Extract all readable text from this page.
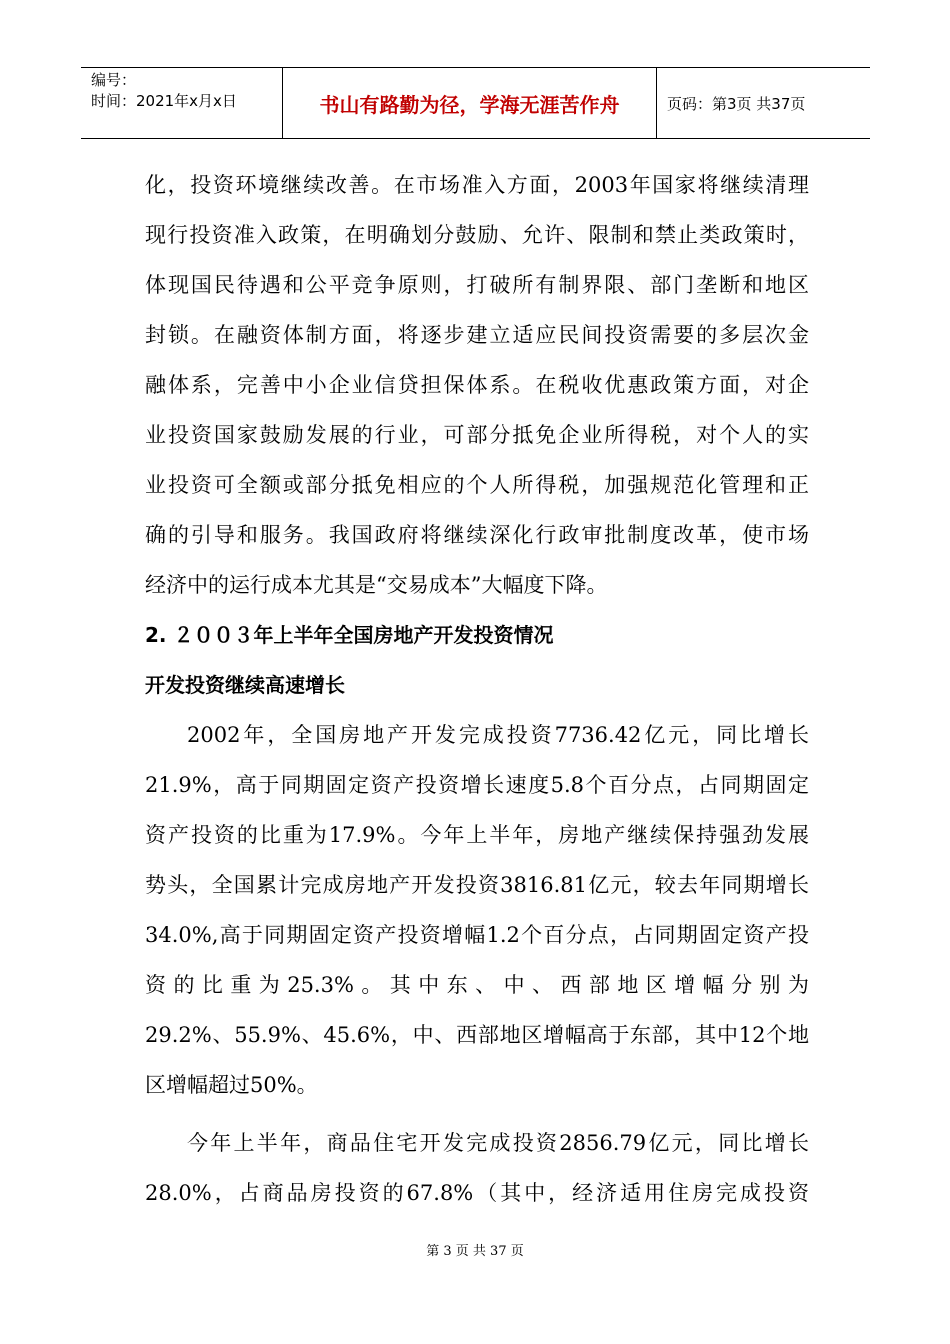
编号：
时间：2021年x月x日	书山有路勤为径，学海无涯苦作舟	页码：第3页 共37页
化，投资环境继续改善。在市场准入方面，2003年国家将继续清理
现行投资准入政策，在明确划分鼓励、允许、限制和禁止类政策时，
体现国民待遇和公平竞争原则，打破所有制界限、部门垄断和地区
封锁。在融资体制方面，将逐步建立适应民间投资需要的多层次金
融体系，完善中小企业信贷担保体系。在税收优惠政策方面，对企
业投资国家鼓励发展的行业，可部分抵免企业所得税，对个人的实
业投资可全额或部分抵免相应的个人所得税，加强规范化管理和正
确的引导和服务。我国政府将继续深化行政审批制度改革，使市场
经济中的运行成本尤其是“交易成本”大幅度下降。
2. ２００３年上半年全国房地产开发投资情况
开发投资继续高速增长
2002年，全国房地产开发完成投资7736.42亿元，同比增长
21.9%，高于同期固定资产投资增长速度5.8个百分点，占同期固定
资产投资的比重为17.9%。今年上半年，房地产继续保持强劲发展
势头，全国累计完成房地产开发投资3816.81亿元，较去年同期增长
34.0%,高于同期固定资产投资增幅1.2个百分点，占同期固定资产投
资的比重为25.3%。其中东、中、西部地区增幅分别为
29.2%、55.9%、45.6%，中、西部地区增幅高于东部，其中12个地
区增幅超过50%。
今年上半年，商品住宅开发完成投资2856.79亿元，同比增长
28.0%，占商品房投资的67.8%（其中，经济适用住房完成投资
第 3 页 共 37 页
